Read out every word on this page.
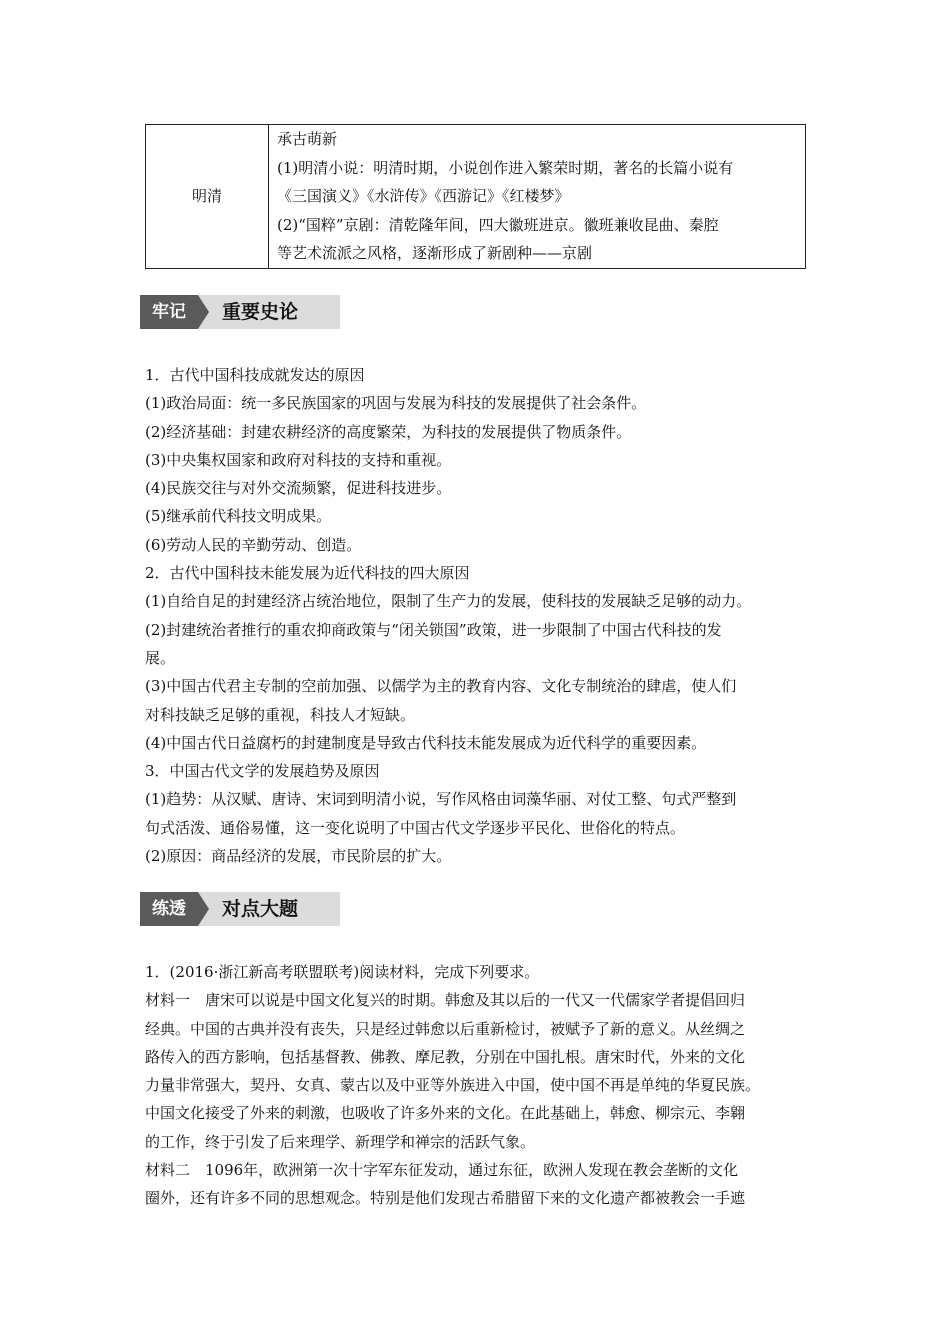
明清	
承古萌新
(1)明清小说：明清时期，小说创作进入繁荣时期，著名的长篇小说有
《三国演义》《水浒传》《西游记》《红楼梦》
(2)“国粹”京剧：清乾隆年间，四大徽班进京。徽班兼收昆曲、秦腔
等艺术流派之风格，逐渐形成了新剧种——京剧
牢记	重要史论
1．古代中国科技成就发达的原因
(1)政治局面：统一多民族国家的巩固与发展为科技的发展提供了社会条件。
(2)经济基础：封建农耕经济的高度繁荣，为科技的发展提供了物质条件。
(3)中央集权国家和政府对科技的支持和重视。
(4)民族交往与对外交流频繁，促进科技进步。
(5)继承前代科技文明成果。
(6)劳动人民的辛勤劳动、创造。
2．古代中国科技未能发展为近代科技的四大原因
(1)自给自足的封建经济占统治地位，限制了生产力的发展，使科技的发展缺乏足够的动力。
(2)封建统治者推行的重农抑商政策与“闭关锁国”政策，进一步限制了中国古代科技的发
展。
(3)中国古代君主专制的空前加强、以儒学为主的教育内容、文化专制统治的肆虐，使人们
对科技缺乏足够的重视，科技人才短缺。
(4)中国古代日益腐朽的封建制度是导致古代科技未能发展成为近代科学的重要因素。
3．中国古代文学的发展趋势及原因
(1)趋势：从汉赋、唐诗、宋词到明清小说，写作风格由词藻华丽、对仗工整、句式严整到
句式活泼、通俗易懂，这一变化说明了中国古代文学逐步平民化、世俗化的特点。
(2)原因：商品经济的发展，市民阶层的扩大。
练透	对点大题
1．(2016·浙江新高考联盟联考)阅读材料，完成下列要求。
材料一　唐宋可以说是中国文化复兴的时期。韩愈及其以后的一代又一代儒家学者提倡回归
经典。中国的古典并没有丧失，只是经过韩愈以后重新检讨，被赋予了新的意义。从丝绸之
路传入的西方影响，包括基督教、佛教、摩尼教，分别在中国扎根。唐宋时代，外来的文化
力量非常强大，契丹、女真、蒙古以及中亚等外族进入中国，使中国不再是单纯的华夏民族。
中国文化接受了外来的刺激，也吸收了许多外来的文化。在此基础上，韩愈、柳宗元、李翱
的工作，终于引发了后来理学、新理学和禅宗的活跃气象。
材料二　1096年，欧洲第一次十字军东征发动，通过东征，欧洲人发现在教会垄断的文化
圈外，还有许多不同的思想观念。特别是他们发现古希腊留下来的文化遗产都被教会一手遮
